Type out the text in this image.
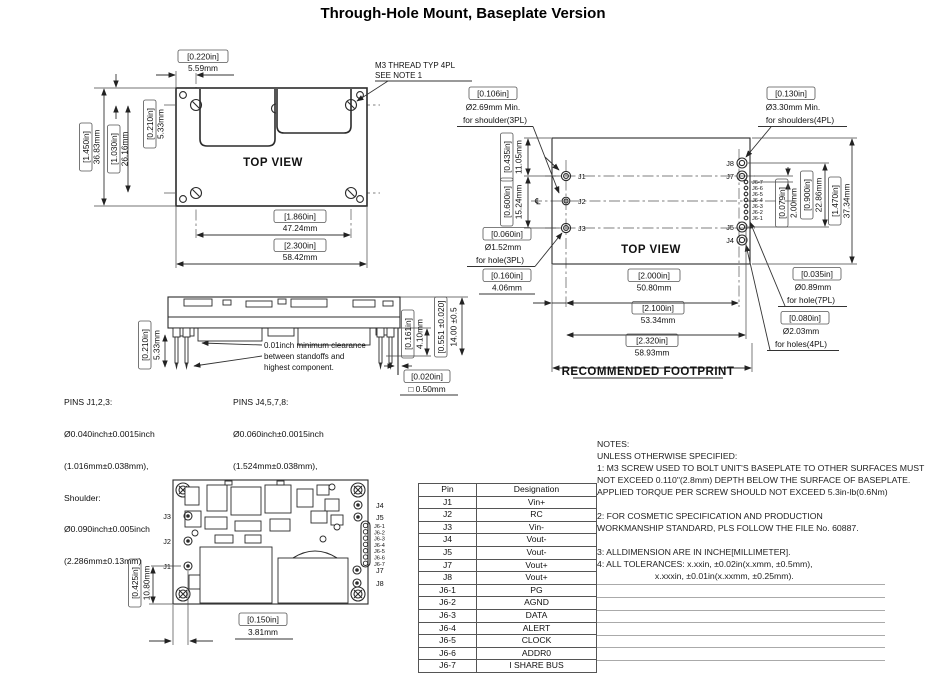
Through-Hole Mount, Baseplate Version
[0.220in]
5.59mm
[1.450in] 36.83mm [1.030in] 26.16mm
[0.210in] 5.33mm
[1.860in]
47.24mm
[2.300in]
58.42mm
M3 THREAD TYP 4PL
SEE NOTE 1
TOP VIEW
J1
J2
J3
℄
J8
J7
J5
J4
J6-7
J6-6
J6-5
J6-4
J6-3
J6-2
J6-1
[0.106in]
Ø2.69mm Min.
for shoulder(3PL)
[0.060in]
Ø1.52mm
for hole(3PL)
[0.130in]
Ø3.30mm Min.
for shoulders(4PL)
[0.035in]
Ø0.89mm
for hole(7PL)
[0.080in]
Ø2.03mm
for holes(4PL)
[0.435in] 11.05mm
[0.600in] 15.24mm	[0.079in] 2.00mm [0.900in] 22.86mm [1.470in] 37.34mm
[0.160in]
4.06mm
[2.000in]
50.80mm
[2.100in]
53.34mm
[2.320in]
58.93mm
TOP VIEW
RECOMMENDED FOOTPRINT
[0.210in] 5.33mm	0.01inch minimum clearance
between standoffs and
highest component.
[0.161in] 4.10mm [0.551 ±0.020] 14.00 ±0.5
[0.020in]
□ 0.50mm

PINS J1,2,3:

Ø0.040inch±0.0015inch

(1.016mm±0.038mm),

Shoulder:

Ø0.090inch±0.005inch

(2.286mm±0.13mm)

PINS J4,5,7,8:

Ø0.060inch±0.0015inch

(1.524mm±0.038mm),

J3
J2
J1
J4
J5
J6-1
J6-2
J6-3
J6-4
J6-5
J6-6
J6-7
J7
J8
[0.425in] 10.80mm
[0.150in]
3.81mm
Pin	Designation
J1	Vin+
J2	RC
J3	Vin-
J4	Vout-
J5	Vout-
J7	Vout+
J8	Vout+
J6-1	PG
J6-2	AGND
J6-3	DATA
J6-4	ALERT
J6-5	CLOCK
J6-6	ADDR0
J6-7	I SHARE BUS
NOTES:
UNLESS OTHERWISE SPECIFIED:
1: M3 SCREW USED TO BOLT UNIT'S BASEPLATE TO OTHER SURFACES MUST
NOT EXCEED 0.110"(2.8mm) DEPTH BELOW THE SURFACE OF BASEPLATE.
APPLIED TORQUE PER SCREW SHOULD NOT EXCEED 5.3in-lb(0.6Nm)
2: FOR COSMETIC SPECIFICATION AND PRODUCTION
WORKMANSHIP STANDARD, PLS FOLLOW THE FILE No. 60887.
3: ALLDIMENSION ARE IN INCHE[MILLIMETER].
4: ALL TOLERANCES: x.xxin, ±0.02in(x.xmm, ±0.5mm),
x.xxxin, ±0.01in(x.xxmm, ±0.25mm).
